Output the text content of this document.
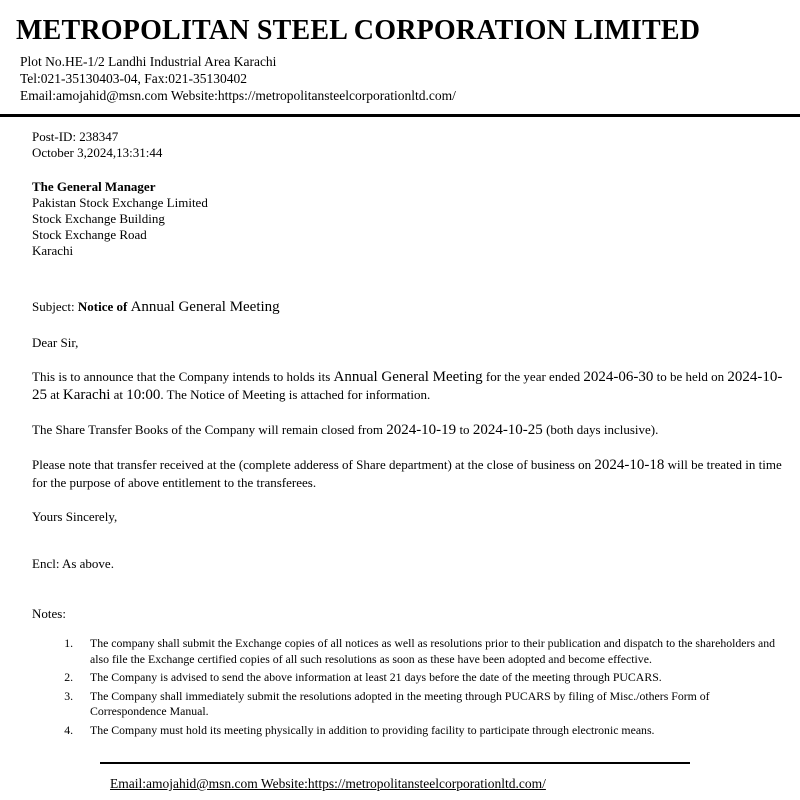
METROPOLITAN STEEL CORPORATION LIMITED
Plot No.HE-1/2 Landhi Industrial Area Karachi
Tel:021-35130403-04, Fax:021-35130402
Email:amojahid@msn.com Website:https://metropolitansteelcorporationltd.com/
Post-ID: 238347
October 3,2024,13:31:44
The General Manager
Pakistan Stock Exchange Limited
Stock Exchange Building
Stock Exchange Road
Karachi

Subject: Notice of Annual General Meeting

Dear Sir,

This is to announce that the Company intends to holds its Annual General Meeting for the year ended 2024-06-30 to be held on 2024-10-25 at Karachi at 10:00. The Notice of Meeting is attached for information.

The Share Transfer Books of the Company will remain closed from 2024-10-19 to 2024-10-25 (both days inclusive).

Please note that transfer received at the (complete adderess of Share department) at the close of business on 2024-10-18 will be treated in time for the purpose of above entitlement to the transferees.

Yours Sincerely,

Encl: As above.

Notes:

1. The company shall submit the Exchange copies of all notices as well as resolutions prior to their publication and dispatch to the shareholders and also file the Exchange certified copies of all such resolutions as soon as these have been adopted and become effective.
2. The Company is advised to send the above information at least 21 days before the date of the meeting through PUCARS.
3. The Company shall immediately submit the resolutions adopted in the meeting through PUCARS by filing of Misc./others Form of Correspondence Manual.
4. The Company must hold its meeting physically in addition to providing facility to participate through electronic means.
Email:amojahid@msn.com Website:https://metropolitansteelcorporationltd.com/
